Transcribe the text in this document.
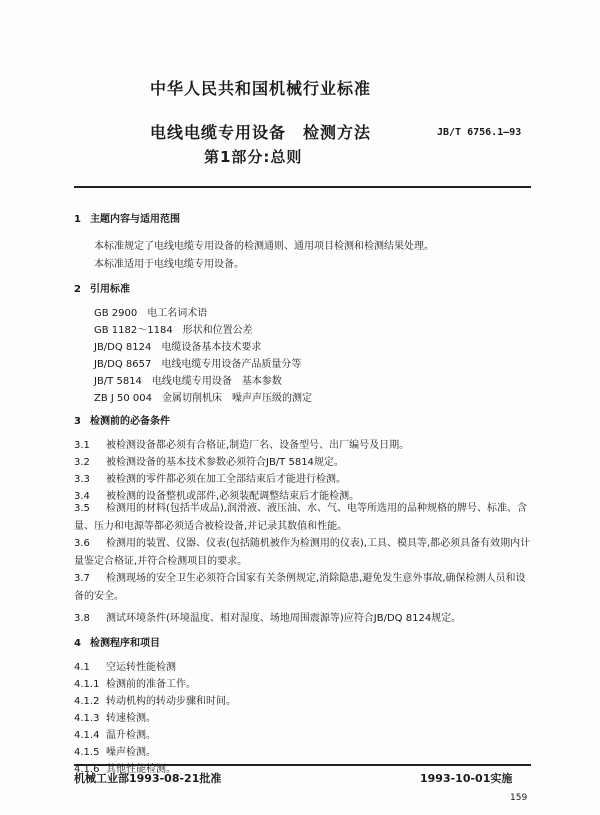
中华人民共和国机械行业标准
电线电缆专用设备　检测方法
第1部分:总则
JB/T 6756.1—93
1 主题内容与适用范围
本标准规定了电线电缆专用设备的检测通则、通用项目检测和检测结果处理。
本标准适用于电线电缆专用设备。
2 引用标准
GB 2900　电工名词术语
GB 1182～1184　形状和位置公差
JB/DQ 8124　电缆设备基本技术要求
JB/DQ 8657　电线电缆专用设备产品质量分等
JB/T 5814　电线电缆专用设备　基本参数
ZB J 50 004　金属切削机床　噪声声压级的测定
3 检测前的必备条件
3.1 被检测设备都必须有合格证,制造厂名、设备型号、出厂编号及日期。
3.2 被检测设备的基本技术参数必须符合JB/T 5814规定。
3.3 被检测的零件都必须在加工全部结束后才能进行检测。
3.4 被检测的设备整机或部件,必须装配调整结束后才能检测。
3.5 检测用的材料(包括半成品),润滑液、液压油、水、气、电等所选用的品种规格的牌号、标准、含量、压力和电源等都必须适合被检设备,并记录其数值和性能。
3.6 检测用的装置、仪器、仪表(包括随机被作为检测用的仪表),工具、模具等,都必须具备有效期内计量鉴定合格证,并符合检测项目的要求。
3.7 检测现场的安全卫生必须符合国家有关条例规定,消除隐患,避免发生意外事故,确保检测人员和设备的安全。
3.8 测试环境条件(环境温度、相对湿度、场地周围震源等)应符合JB/DQ 8124规定。
4 检测程序和项目
4.1 空运转性能检测
4.1.1 检测前的准备工作。
4.1.2 转动机构的转动步骤和时间。
4.1.3 转速检测。
4.1.4 温升检测。
4.1.5 噪声检测。
4.1.6 其他性能检测。
机械工业部1993-08-21批准	1993-10-01实施
159
